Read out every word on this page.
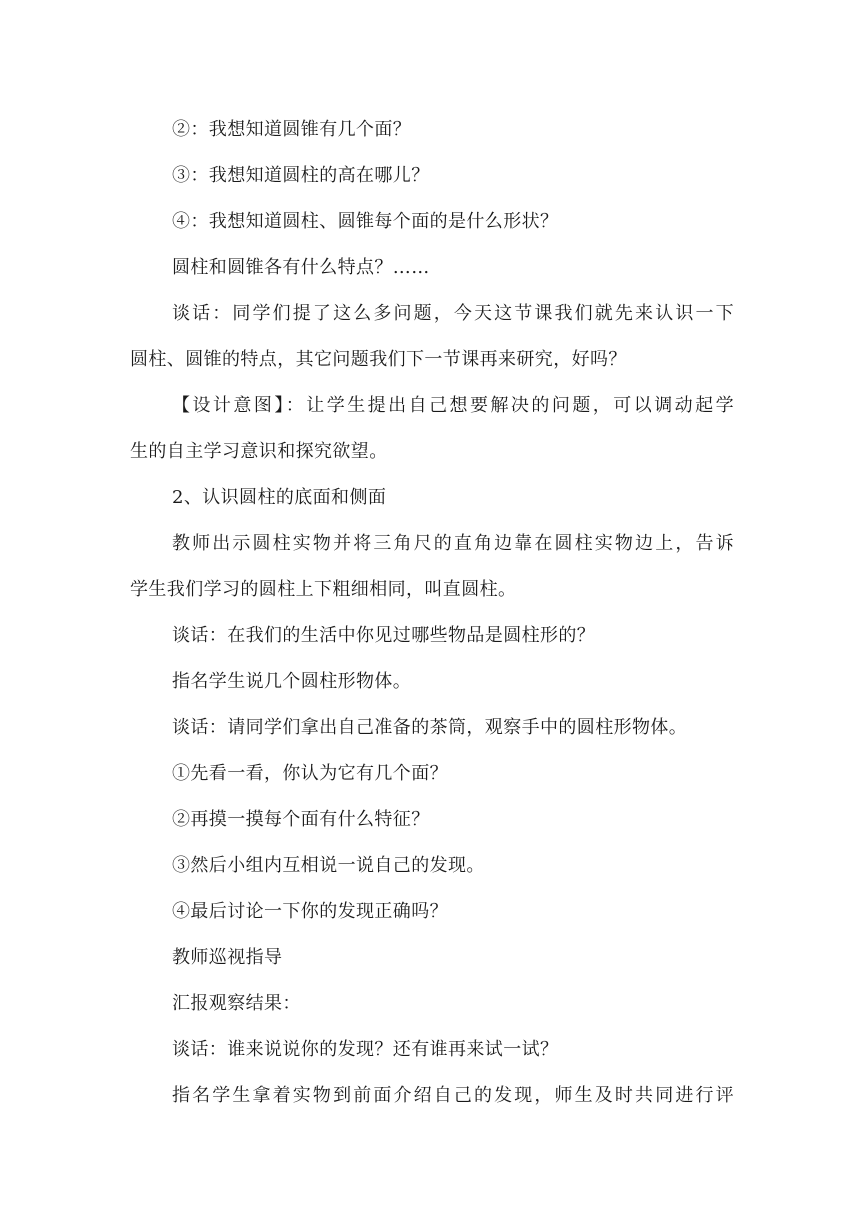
②：我想知道圆锥有几个面？
③：我想知道圆柱的高在哪儿？
④：我想知道圆柱、圆锥每个面的是什么形状？
圆柱和圆锥各有什么特点？……
谈话：同学们提了这么多问题，今天这节课我们就先来认识一下
圆柱、圆锥的特点，其它问题我们下一节课再来研究，好吗？
【设计意图】：让学生提出自己想要解决的问题，可以调动起学
生的自主学习意识和探究欲望。
2、认识圆柱的底面和侧面
教师出示圆柱实物并将三角尺的直角边靠在圆柱实物边上，告诉
学生我们学习的圆柱上下粗细相同，叫直圆柱。
谈话：在我们的生活中你见过哪些物品是圆柱形的？
指名学生说几个圆柱形物体。
谈话：请同学们拿出自己准备的茶筒，观察手中的圆柱形物体。
①先看一看，你认为它有几个面？
②再摸一摸每个面有什么特征？
③然后小组内互相说一说自己的发现。
④最后讨论一下你的发现正确吗？
教师巡视指导
汇报观察结果：
谈话：谁来说说你的发现？还有谁再来试一试？
指名学生拿着实物到前面介绍自己的发现，师生及时共同进行评
